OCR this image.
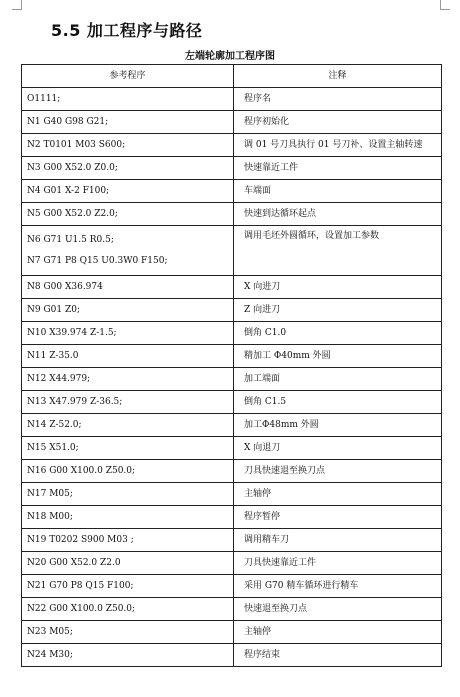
5.5 加工程序与路径
左端轮廓加工程序图
参考程序	注释

O1111;	程序名

N1 G40 G98 G21;	程序初始化

N2 T0101 M03 S600;	调 01 号刀具执行 01 号刀补、设置主轴转速

N3 G00 X52.0 Z0.0;	快速靠近工件

N4 G01 X-2 F100;	车端面

N5 G00 X52.0 Z2.0;	快速到达循环起点

N6 G71 U1.5 R0.5;
N7 G71 P8 Q15 U0.3W0 F150;	调用毛坯外圆循环，设置加工参数

N8 G00 X36.974	X 向进刀

N9 G01 Z0;	Z 向进刀

N10 X39.974 Z-1.5;	倒角 C1.0

N11 Z-35.0	精加工 Φ40mm 外圆

N12 X44.979;	加工端面

N13 X47.979 Z-36.5;	倒角 C1.5

N14 Z-52.0;	加工Φ48mm 外圆

N15 X51.0;	X 向退刀

N16 G00 X100.0 Z50.0;	刀具快速退至换刀点

N17 M05;	主轴停

N18 M00;	程序暂停

N19 T0202 S900 M03 ;	调用精车刀

N20 G00 X52.0 Z2.0	刀具快速靠近工件

N21 G70 P8 Q15 F100;	采用 G70 精车循环进行精车

N22 G00 X100.0 Z50.0;	快速退至换刀点

N23 M05;	主轴停

N24 M30;	程序结束
